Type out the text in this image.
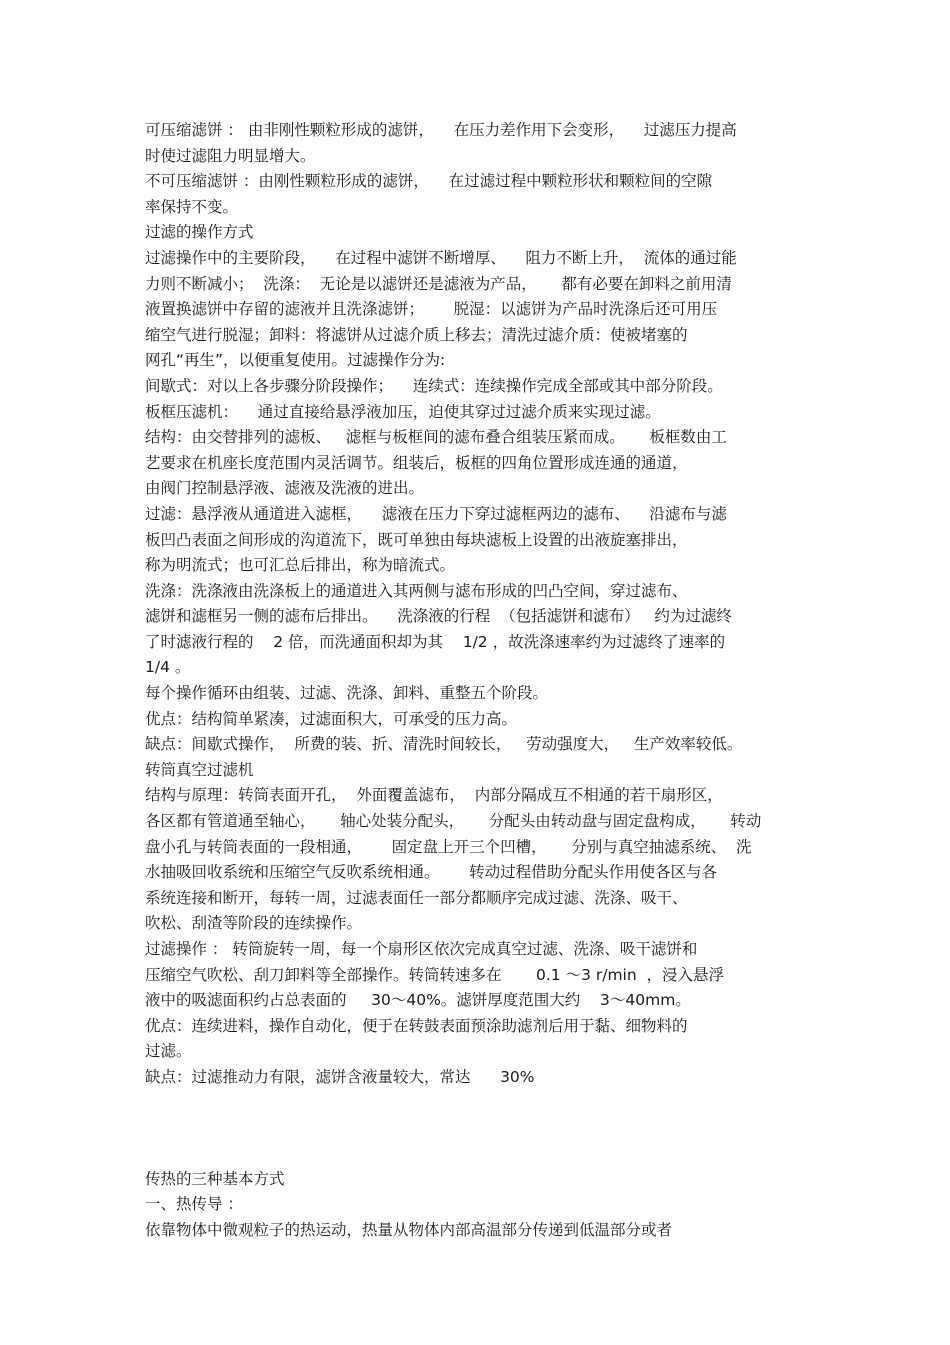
可压缩滤饼 ： 由非刚性颗粒形成的滤饼，    在压力差作用下会变形，    过滤压力提高
时使过滤阻力明显增大。
不可压缩滤饼 ：由刚性颗粒形成的滤饼，    在过滤过程中颗粒形状和颗粒间的空隙
率保持不变。
过滤的操作方式
过滤操作中的主要阶段，    在过程中滤饼不断增厚、    阻力不断上升，  流体的通过能
力则不断减小；  洗涤：  无论是以滤饼还是滤液为产品，     都有必要在卸料之前用清
液置换滤饼中存留的滤液并且洗涤滤饼；      脱湿：以滤饼为产品时洗涤后还可用压
缩空气进行脱湿；卸料：将滤饼从过滤介质上移去；清洗过滤介质：使被堵塞的
网孔“再生”，以便重复使用。过滤操作分为:
间歇式：对以上各步骤分阶段操作；    连续式：连续操作完成全部或其中部分阶段。
板框压滤机：    通过直接给悬浮液加压，迫使其穿过过滤介质来实现过滤。
结构：由交替排列的滤板、   滤框与板框间的滤布叠合组装压紧而成。     板框数由工
艺要求在机座长度范围内灵活调节。组装后，板框的四角位置形成连通的通道，
由阀门控制悬浮液、滤液及洗液的进出。
过滤：悬浮液从通道进入滤框，    滤液在压力下穿过滤框两边的滤布、    沿滤布与滤
板凹凸表面之间形成的沟道流下，既可单独由每块滤板上设置的出液旋塞排出，
称为明流式；也可汇总后排出，称为暗流式。
洗涤：洗涤液由洗涤板上的通道进入其两侧与滤布形成的凹凸空间，穿过滤布、
滤饼和滤框另一侧的滤布后排出。    洗涤液的行程  （包括滤饼和滤布）   约为过滤终
了时滤液行程的    2 倍，而洗通面积却为其    1/2 ，故洗涤速率约为过滤终了速率的
1/4 。
每个操作循环由组装、过滤、洗涤、卸料、重整五个阶段。
优点：结构简单紧凑，过滤面积大，可承受的压力高。
缺点：间歇式操作，  所费的装、折、清洗时间较长，   劳动强度大，   生产效率较低。
转筒真空过滤机
结构与原理：转筒表面开孔，  外面覆盖滤布，  内部分隔成互不相通的若干扇形区，
各区都有管道通至轴心，     轴心处装分配头，     分配头由转动盘与固定盘构成，     转动
盘小孔与转筒表面的一段相通，      固定盘上开三个凹槽，     分别与真空抽滤系统、  洗
水抽吸回收系统和压缩空气反吹系统相通。      转动过程借助分配头作用使各区与各
系统连接和断开，每转一周，过滤表面任一部分都顺序完成过滤、洗涤、吸干、
吹松、刮渣等阶段的连续操作。
过滤操作 ： 转筒旋转一周，每一个扇形区依次完成真空过滤、洗涤、吸干滤饼和
压缩空气吹松、刮刀卸料等全部操作。转筒转速多在       0.1 ～3 r/min  ，浸入悬浮
液中的吸滤面积约占总表面的     30～40%。滤饼厚度范围大约    3～40mm。
优点：连续进料，操作自动化，便于在转鼓表面预涂助滤剂后用于黏、细物料的
过滤。
缺点：过滤推动力有限，滤饼含液量较大，常达      30%
传热的三种基本方式
一、热传导 ：
依靠物体中微观粒子的热运动，热量从物体内部高温部分传递到低温部分或者
